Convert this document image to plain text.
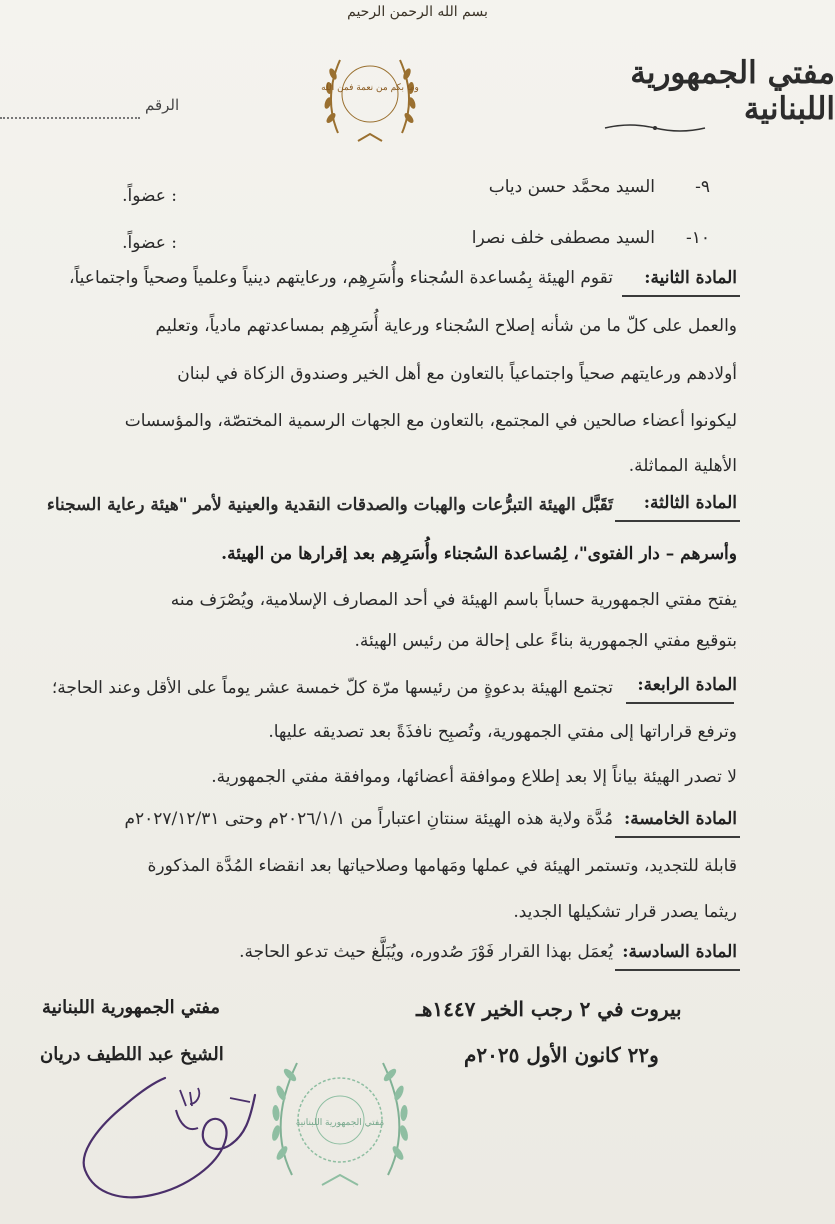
بسم الله الرحمن الرحيم
مفتي الجمهورية اللبنانية
وما بكم من نعمة فمن الله
الرقم
٩-
السيد محمَّد حسن دياب
: عضواً.
١٠-
السيد مصطفى خلف نصرا
: عضواً.
المادة الثانية:
تقوم الهيئة بِمُساعدة السُجناء وأُسَرِهِم، ورعايتهم دينياً وعلمياً وصحياً واجتماعياً،
والعمل على كلّ ما من شأنه إصلاح السُجناء ورعاية أُسَرِهِم بمساعدتهم مادياً، وتعليم
أولادهم ورعايتهم صحياً واجتماعياً بالتعاون مع أهل الخير وصندوق الزكاة في لبنان
ليكونوا أعضاء صالحين في المجتمع، بالتعاون مع الجهات الرسمية المختصّة، والمؤسسات
الأهلية المماثلة.
المادة الثالثة:
تَقَبَّل الهيئة التبرُّعات والهبات والصدقات النقدية والعينية لأمر "هيئة رعاية السجناء
وأسرهم – دار الفتوى"، لِمُساعدة السُجناء وأُسَرِهِم بعد إقرارها من الهيئة.
يفتح مفتي الجمهورية حساباً باسم الهيئة في أحد المصارف الإسلامية، ويُصْرَف منه
بتوقيع مفتي الجمهورية بناءً على إحالة من رئيس الهيئة.
المادة الرابعة:
تجتمع الهيئة بدعوةٍ من رئيسها مرّة كلّ خمسة عشر يوماً على الأقل وعند الحاجة؛
وترفع قراراتها إلى مفتي الجمهورية، وتُصبِح نافذَةً بعد تصديقه عليها.
لا تصدر الهيئة بياناً إلا بعد إطلاع وموافقة أعضائها، وموافقة مفتي الجمهورية.
المادة الخامسة:
مُدَّة ولاية هذه الهيئة سنتانِ اعتباراً من ٢٠٢٦/١/١م وحتى ٢٠٢٧/١٢/٣١م
قابلة للتجديد، وتستمر الهيئة في عملها ومَهامها وصلاحياتها بعد انقضاء المُدَّة المذكورة
ريثما يصدر قرار تشكيلها الجديد.
المادة السادسة:
يُعمَل بهذا القرار فَوْرَ صُدوره، ويُبَلَّغ حيث تدعو الحاجة.
بيروت في ٢ رجب الخير ١٤٤٧هـ
و٢٢ كانون الأول ٢٠٢٥م
مفتي الجمهورية اللبنانية
الشيخ عبد اللطيف دريان
مفتي الجمهورية اللبنانية
